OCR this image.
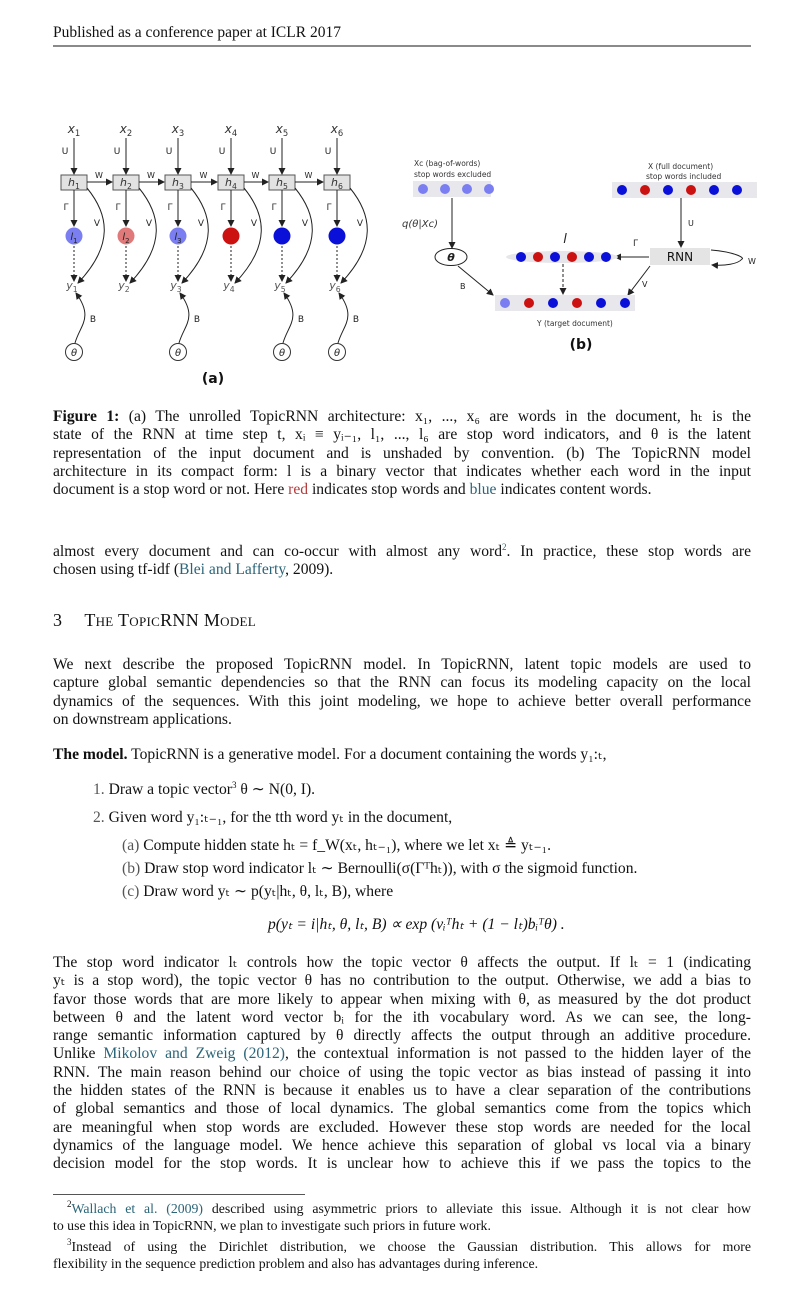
Published as a conference paper at ICLR 2017
$x_1$
U
$h_1$
W
Γ
$l_1$
V
$y_1$
$x_2$
U
$h_2$
W
Γ
$l_2$
V
$y_2$
$x_3$
U
$h_3$
W
Γ
$l_3$
V
$y_3$
$x_4$
U
$h_4$
W
Γ
V
$y_4$
$x_5$
U
$h_5$
W
Γ
V
$y_5$
$x_6$
U
$h_6$
Γ
V
$y_6$
θ
B
θ
B
θ
B
θ
B
(a)
Xc (bag-of-words)
stop words excluded
X (full document)
stop words included
q(θ|Xc)
θ
U
RNN	W
Γ
l
B	V
Y (target document)
(b)
Figure 1: (a) The unrolled TopicRNN architecture: x₁, ..., x₆ are words in the document, hₜ is the
state of the RNN at time step t, xᵢ ≡ yᵢ₋₁, l₁, ..., l₆ are stop word indicators, and θ is the latent
representation of the input document and is unshaded by convention. (b) The TopicRNN model
architecture in its compact form: l is a binary vector that indicates whether each word in the input
document is a stop word or not. Here red indicates stop words and blue indicates content words.
almost every document and can co-occur with almost any word$^2$. In practice, these stop words are
chosen using tf-idf (Blei and Lafferty, 2009).
3 The TopicRNN Model
We next describe the proposed TopicRNN model. In TopicRNN, latent topic models are used to
capture global semantic dependencies so that the RNN can focus its modeling capacity on the local
dynamics of the sequences. With this joint modeling, we hope to achieve better overall performance
on downstream applications.
The model. TopicRNN is a generative model. For a document containing the words y₁:ₜ,
1. Draw a topic vector$^3$ θ ∼ N(0, I).
2. Given word y₁:ₜ₋₁, for the tth word yₜ in the document,
(a) Compute hidden state hₜ = f_W(xₜ, hₜ₋₁), where we let xₜ ≜ yₜ₋₁.
(b) Draw stop word indicator lₜ ∼ Bernoulli(σ(Γᵀhₜ)), with σ the sigmoid function.
(c) Draw word yₜ ∼ p(yₜ|hₜ, θ, lₜ, B), where
p(yₜ = i|hₜ, θ, lₜ, B) ∝ exp (vᵢᵀhₜ + (1 − lₜ)bᵢᵀθ) .
The stop word indicator lₜ controls how the topic vector θ affects the output. If lₜ = 1 (indicating
yₜ is a stop word), the topic vector θ has no contribution to the output. Otherwise, we add a bias to
favor those words that are more likely to appear when mixing with θ, as measured by the dot product
between θ and the latent word vector bᵢ for the ith vocabulary word. As we can see, the long-
range semantic information captured by θ directly affects the output through an additive procedure.
Unlike Mikolov and Zweig (2012), the contextual information is not passed to the hidden layer of the
RNN. The main reason behind our choice of using the topic vector as bias instead of passing it into
the hidden states of the RNN is because it enables us to have a clear separation of the contributions
of global semantics and those of local dynamics. The global semantics come from the topics which
are meaningful when stop words are excluded. However these stop words are needed for the local
dynamics of the language model. We hence achieve this separation of global vs local via a binary
decision model for the stop words. It is unclear how to achieve this if we pass the topics to the
$^2$Wallach et al. (2009) described using asymmetric priors to alleviate this issue. Although it is not clear how
to use this idea in TopicRNN, we plan to investigate such priors in future work.
$^3$Instead of using the Dirichlet distribution, we choose the Gaussian distribution. This allows for more
flexibility in the sequence prediction problem and also has advantages during inference.
